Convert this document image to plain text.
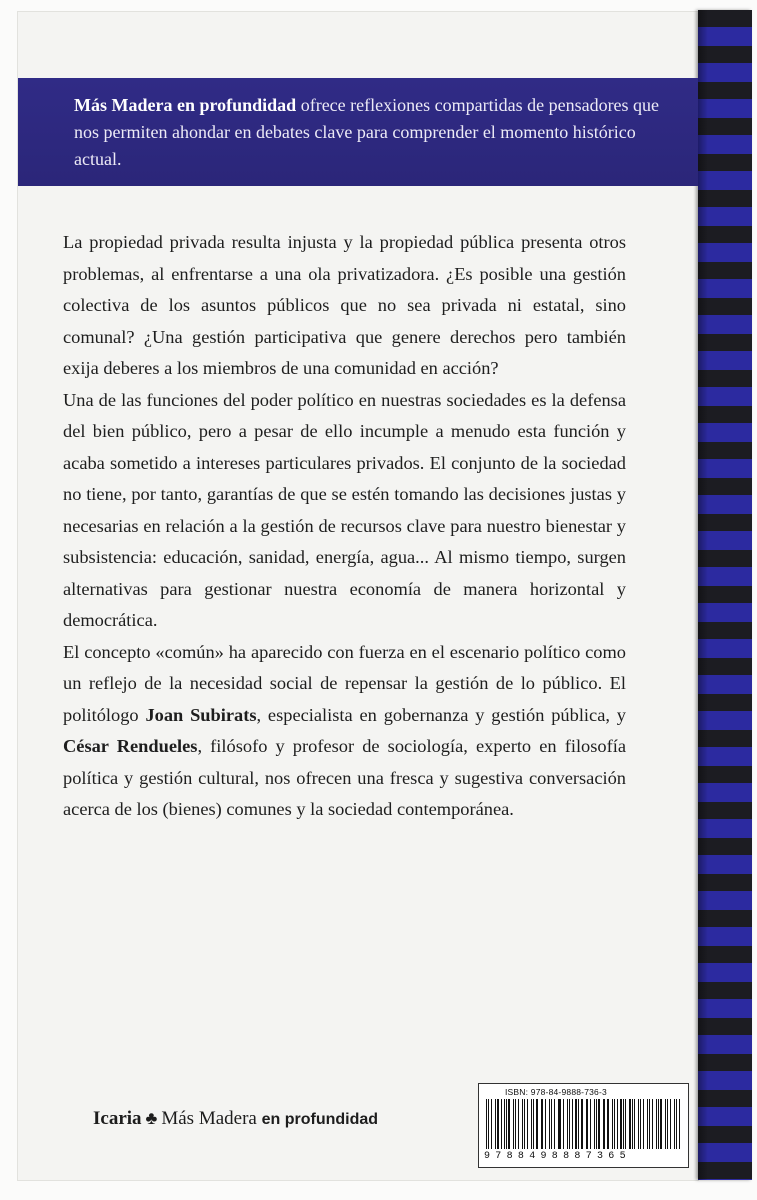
Más Madera en profundidad ofrece reflexiones compartidas de pensadores que nos permiten ahondar en debates clave para comprender el momento histórico actual.

La propiedad privada resulta injusta y la propiedad pública presenta otros problemas, al enfrentarse a una ola privatizadora. ¿Es posible una gestión colectiva de los asuntos públicos que no sea privada ni estatal, sino comunal? ¿Una gestión participativa que genere derechos pero también exija deberes a los miembros de una comunidad en acción?

Una de las funciones del poder político en nuestras sociedades es la defensa del bien público, pero a pesar de ello incumple a menudo esta función y acaba sometido a intereses particulares privados. El conjunto de la sociedad no tiene, por tanto, garantías de que se estén tomando las decisiones justas y necesarias en relación a la gestión de recursos clave para nuestro bienestar y subsistencia: educación, sanidad, energía, agua... Al mismo tiempo, surgen alternativas para gestionar nuestra economía de manera horizontal y democrática.

El concepto «común» ha aparecido con fuerza en el escenario político como un reflejo de la necesidad social de repensar la gestión de lo público. El politólogo Joan Subirats, especialista en gobernanza y gestión pública, y César Rendueles, filósofo y profesor de sociología, experto en filosofía política y gestión cultural, nos ofrecen una fresca y sugestiva conversación acerca de los (bienes) comunes y la sociedad contemporánea.

Icaria ♣ Más Madera en profundidad
ISBN: 978-84-9888-736-3
9788498887365
